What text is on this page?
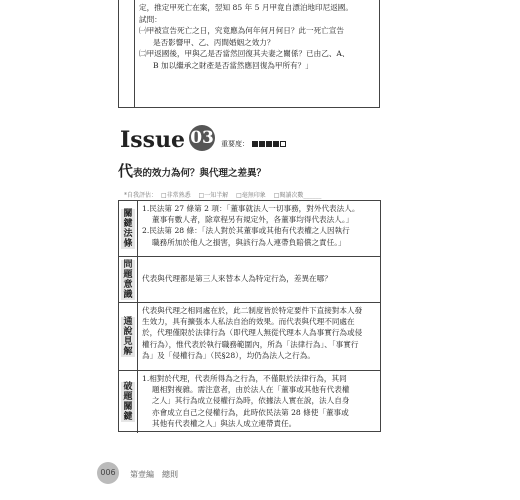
定，推定甲死亡在案，翌知 85 年 5 月甲竟自漂泊地印尼返國。
試問：
㈠甲被宣告死亡之日，究竟應為何年何月何日？此一死亡宣告
是否影響甲、乙、丙間婚姻之效力？
㈡甲返國後，甲與乙是否當然回復其夫妻之關係？已由乙、A、
B 加以繼承之財產是否當然應回復為甲所有？」
Issue 03 重要度：
代表的效力為何？與代理之差異？
*自我評估： □非常熟悉 □一知半解 □毫無印象 □閱讀次數______
關
鍵
法
條
1.民法第 27 條第 2 項：「董事就法人一切事務，對外代表法人。
董事有數人者，除章程另有規定外，各董事均得代表法人。」
2.民法第 28 條：「法人對於其董事或其他有代表權之人因執行
職務所加於他人之損害，與該行為人連帶負賠償之責任。」
問
題
意
識
代表與代理都是第三人來替本人為特定行為，差異在哪？
通
說
見
解
代表與代理之相同處在於，此二制度皆於特定要件下直接對本人發
生效力，具有擴張本人私法自治的效果。而代表與代理不同處在
於，代理僅限於法律行為（即代理人無從代理本人為事實行為或侵
權行為），惟代表於執行職務範圍內，所為「法律行為」、「事實行
為」及「侵權行為」（民§28），均仍為法人之行為。
破
題
關
鍵
1.相對於代理，代表所得為之行為，不僅限於法律行為，其同
題相對複雜。需注意者，由於法人在「董事或其他有代表權
之人」其行為成立侵權行為時，依據法人實在說，法人自身
亦會成立自己之侵權行為，此時依民法第 28 條使「董事或
其他有代表權之人」與法人成立連帶責任。
006	第壹編　總則
